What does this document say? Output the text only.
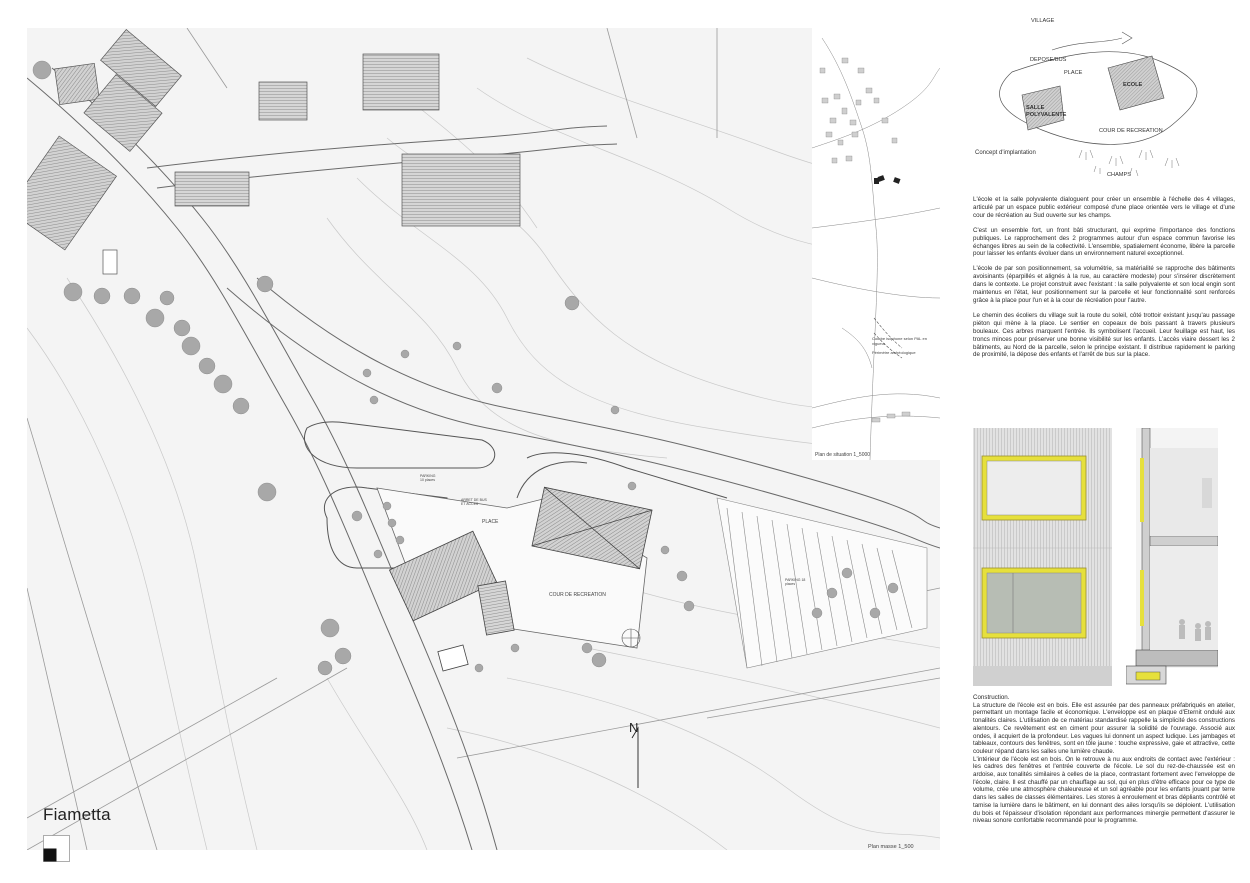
PLACE
COUR DE RECREATION
PARKING 10 places
PARKING 18 places
ARRET DE BUS ET ACCES
N
Plan masse 1_500
Courbe isophone selon PAL en vigueur
Périmètre archéologique
Plan de situation 1_5000
VILLAGE
DEPOSE/BUS
PLACE
ECOLE
SALLE POLYVALENTE
COUR DE RECREATION
CHAMPS
Concept d'implantation

L'école et la salle polyvalente dialoguent pour créer un ensemble à l'échelle des 4 villages, articulé par un espace public extérieur composé d'une place orientée vers le village et d'une cour de récréation au Sud ouverte sur les champs.

C'est un ensemble fort, un front bâti structurant, qui exprime l'importance des fonctions publiques. Le rapprochement des 2 programmes autour d'un espace commun favorise les échanges libres au sein de la collectivité. L'ensemble, spatialement économe, libère la parcelle pour laisser les enfants évoluer dans un environnement naturel exceptionnel.

L'école de par son positionnement, sa volumétrie, sa matérialité se rapproche des bâtiments avoisinants (éparpillés et alignés à la rue, au caractère modeste) pour s'insérer discrètement dans le contexte. Le projet construit avec l'existant : la salle polyvalente et son local engin sont maintenus en l'état, leur positionnement sur la parcelle et leur fonctionnalité sont renforcés grâce à la place pour l'un et à la cour de récréation pour l'autre.

Le chemin des écoliers du village suit la route du soleil, côté trottoir existant jusqu'au passage piéton qui mène à la place. Le sentier en copeaux de bois passant à travers plusieurs bouleaux. Ces arbres marquent l'entrée. Ils symbolisent l'accueil. Leur feuillage est haut, les troncs minces pour préserver une bonne visibilité sur les enfants. L'accès viaire dessert les 2 bâtiments, au Nord de la parcelle, selon le principe existant. Il distribue rapidement le parking de proximité, la dépose des enfants et l'arrêt de bus sur la place.

Construction.

La structure de l'école est en bois. Elle est assurée par des panneaux préfabriqués en atelier, permettant un montage facile et économique. L'enveloppe est en plaque d'Eternit ondulé aux tonalités claires. L'utilisation de ce matériau standardisé rappelle la simplicité des constructions alentours. Ce revêtement est en ciment pour assurer la solidité de l'ouvrage. Associé aux ondes, il acquiert de la profondeur. Les vagues lui donnent un aspect ludique. Les jambages et tableaux, contours des fenêtres, sont en tôle jaune : touche expressive, gaie et attractive, cette couleur répand dans les salles une lumière chaude.

L'intérieur de l'école est en bois. On le retrouve à nu aux endroits de contact avec l'extérieur : les cadres des fenêtres et l'entrée couverte de l'école. Le sol du rez-de-chaussée est en ardoise, aux tonalités similaires à celles de la place, contrastant fortement avec l'enveloppe de l'école, claire. Il est chauffé par un chauffage au sol, qui en plus d'être efficace pour ce type de volume, crée une atmosphère chaleureuse et un sol agréable pour les enfants jouant par terre dans les salles de classes élémentaires. Les stores à enroulement et bras dépliants contrôlé et tamise la lumière dans le bâtiment, en lui donnant des ailes lorsqu'ils se déploient. L'utilisation du bois et l'épaisseur d'isolation répondant aux performances minergie permettent d'assurer le niveau sonore confortable recommandé pour le programme.

Fiametta
